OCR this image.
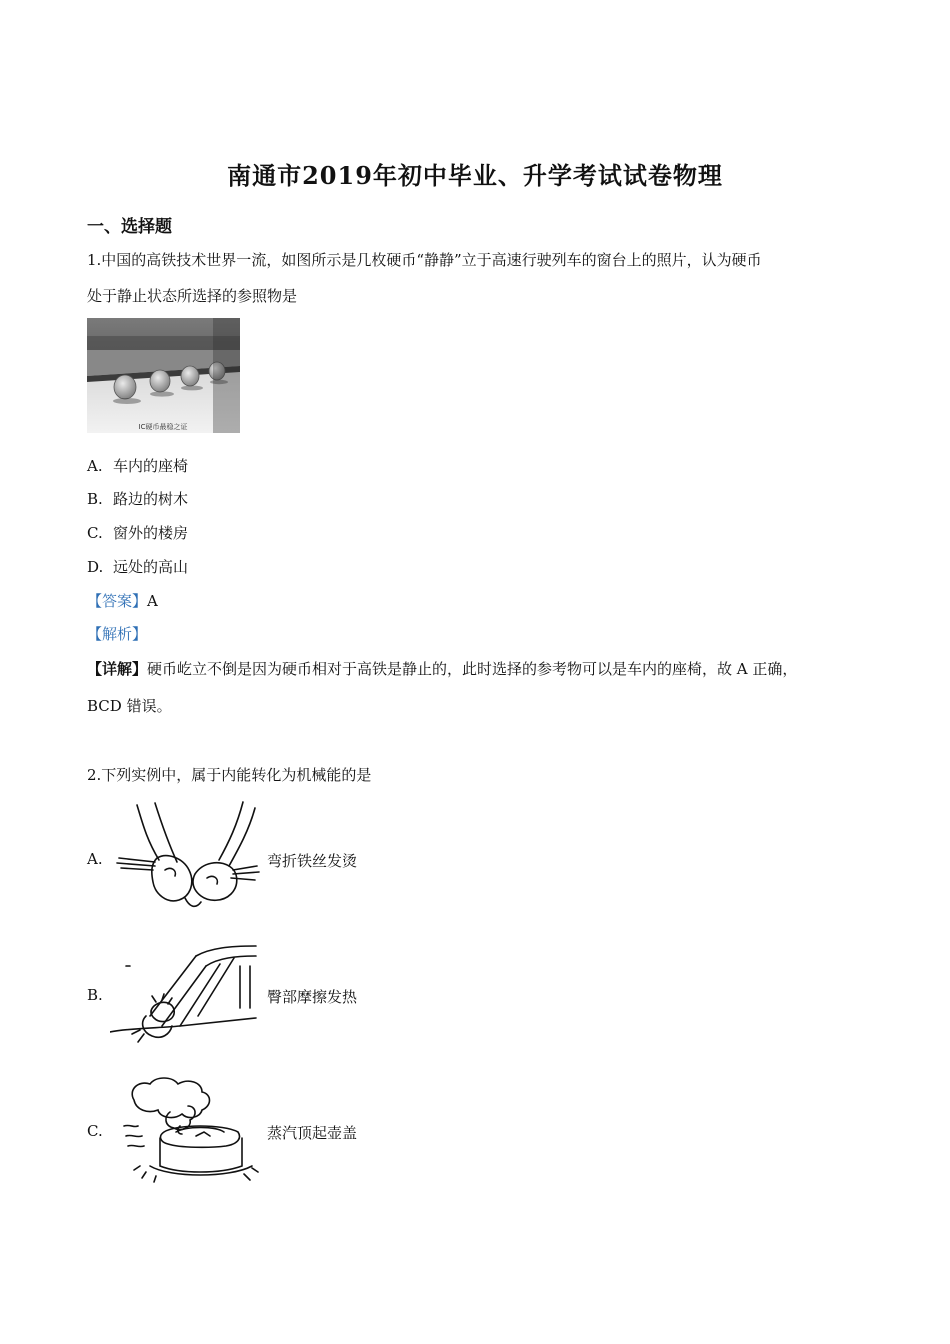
南通市2019年初中毕业、升学考试试卷物理
一、选择题
1.中国的高铁技术世界一流，如图所示是几枚硬币“静静”立于高速行驶列车的窗台上的照片，认为硬币
处于静止状态所选择的参照物是
IC硬币最稳之证
A. 车内的座椅
B. 路边的树木
C. 窗外的楼房
D. 远处的高山
【答案】A
【解析】
【详解】硬币屹立不倒是因为硬币相对于高铁是静止的，此时选择的参考物可以是车内的座椅，故 A 正确，
BCD 错误。
2.下列实例中，属于内能转化为机械能的是
A.	弯折铁丝发烫
B.	臀部摩擦发热
C.	蒸汽顶起壶盖
